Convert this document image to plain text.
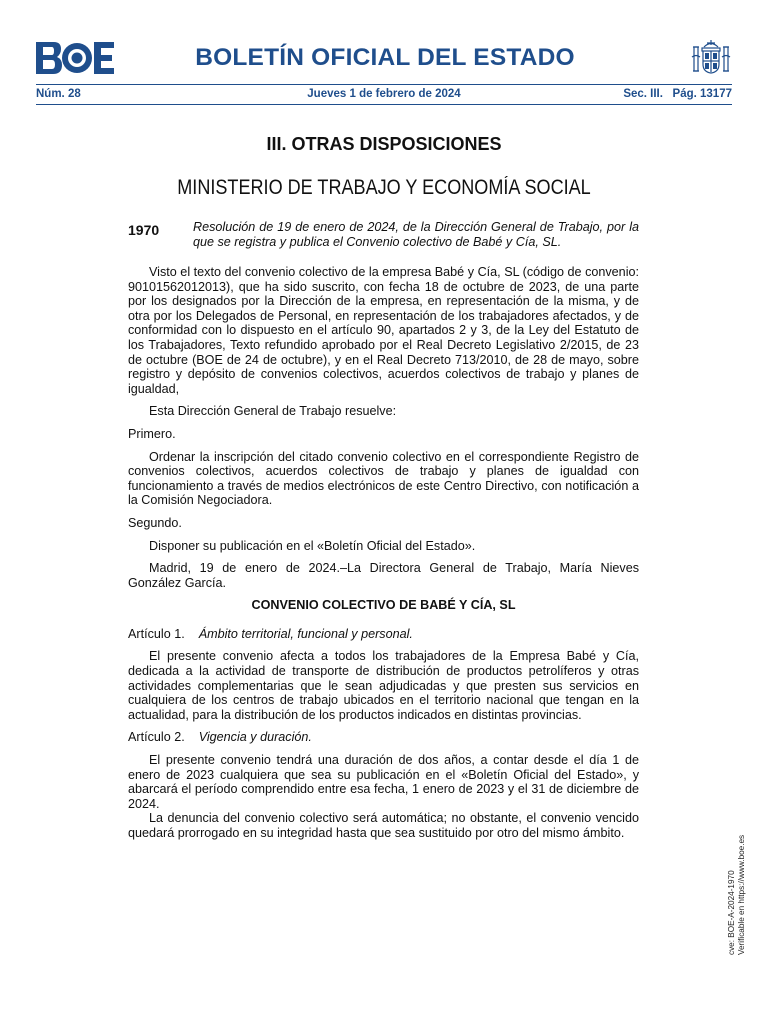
BOLETÍN OFICIAL DEL ESTADO
Núm. 28	Jueves 1 de febrero de 2024	Sec. III.   Pág. 13177
III. OTRAS DISPOSICIONES
MINISTERIO DE TRABAJO Y ECONOMÍA SOCIAL
1970	Resolución de 19 de enero de 2024, de la Dirección General de Trabajo, por la que se registra y publica el Convenio colectivo de Babé y Cía, SL.

Visto el texto del convenio colectivo de la empresa Babé y Cía, SL (código de convenio: 90101562012013), que ha sido suscrito, con fecha 18 de octubre de 2023, de una parte por los designados por la Dirección de la empresa, en representación de la misma, y de otra por los Delegados de Personal, en representación de los trabajadores afectados, y de conformidad con lo dispuesto en el artículo 90, apartados 2 y 3, de la Ley del Estatuto de los Trabajadores, Texto refundido aprobado por el Real Decreto Legislativo 2/2015, de 23 de octubre (BOE de 24 de octubre), y en el Real Decreto 713/2010, de 28 de mayo, sobre registro y depósito de convenios colectivos, acuerdos colectivos de trabajo y planes de igualdad,

Esta Dirección General de Trabajo resuelve:

Primero.

Ordenar la inscripción del citado convenio colectivo en el correspondiente Registro de convenios colectivos, acuerdos colectivos de trabajo y planes de igualdad con funcionamiento a través de medios electrónicos de este Centro Directivo, con notificación a la Comisión Negociadora.

Segundo.

Disponer su publicación en el «Boletín Oficial del Estado».

Madrid, 19 de enero de 2024.–La Directora General de Trabajo, María Nieves González García.

CONVENIO COLECTIVO DE BABÉ Y CÍA, SL

Artículo 1. Ámbito territorial, funcional y personal.

El presente convenio afecta a todos los trabajadores de la Empresa Babé y Cía, dedicada a la actividad de transporte de distribución de productos petrolíferos y otras actividades complementarias que le sean adjudicadas y que presten sus servicios en cualquiera de los centros de trabajo ubicados en el territorio nacional que tengan en la actualidad, para la distribución de los productos indicados en distintas provincias.

Artículo 2. Vigencia y duración.

El presente convenio tendrá una duración de dos años, a contar desde el día 1 de enero de 2023 cualquiera que sea su publicación en el «Boletín Oficial del Estado», y abarcará el período comprendido entre esa fecha, 1 enero de 2023 y el 31 de diciembre de 2024.

La denuncia del convenio colectivo será automática; no obstante, el convenio vencido quedará prorrogado en su integridad hasta que sea sustituido por otro del mismo ámbito.

cve: BOE-A-2024-1970 Verificable en https://www.boe.es
